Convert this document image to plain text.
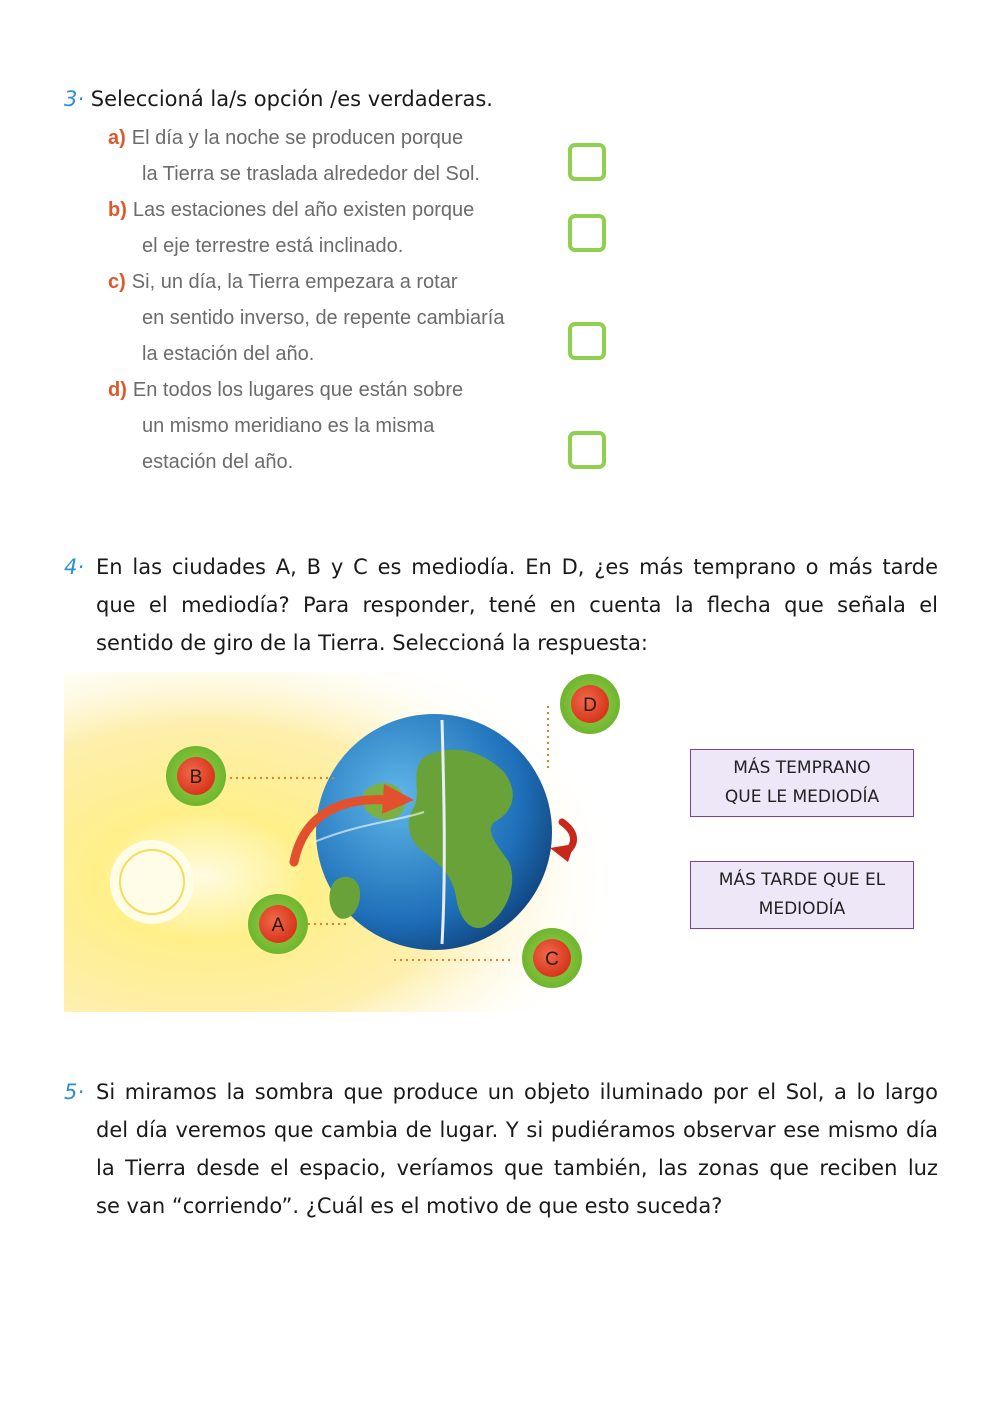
3· Seleccioná la/s opción /es verdaderas.
a) El día y la noche se producen porque
la Tierra se traslada alrededor del Sol.
b) Las estaciones del año existen porque
el eje terrestre está inclinado.
c) Si, un día, la Tierra empezara a rotar
en sentido inverso, de repente cambiaría
la estación del año.
d) En todos los lugares que están sobre
un mismo meridiano es la misma
estación del año.
4· En las ciudades A, B y C es mediodía. En D, ¿es más temprano o más tarde
que el mediodía? Para responder, tené en cuenta la flecha que señala el
sentido de giro de la Tierra. Seleccioná la respuesta:
B
A
C
D
MÁS TEMPRANO
QUE LE MEDIODÍA
MÁS TARDE QUE EL
MEDIODÍA
5· Si miramos la sombra que produce un objeto iluminado por el Sol, a lo largo
del día veremos que cambia de lugar. Y si pudiéramos observar ese mismo día
la Tierra desde el espacio, veríamos que también, las zonas que reciben luz
se van “corriendo”. ¿Cuál es el motivo de que esto suceda?
